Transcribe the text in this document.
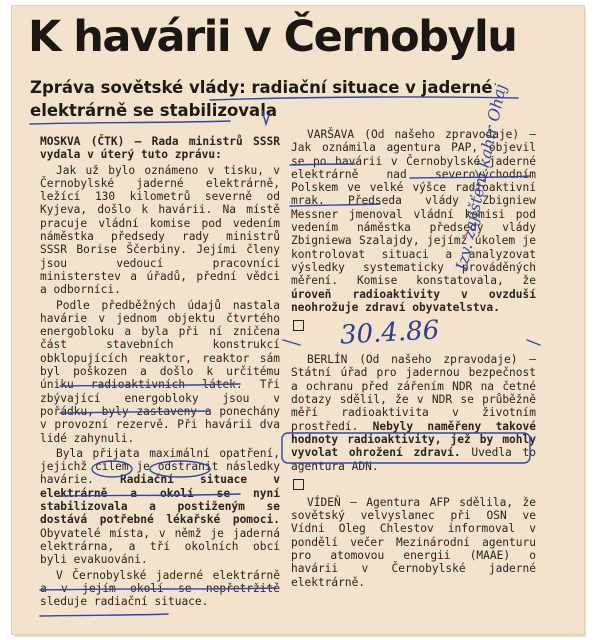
K havárii v Černobylu
Zpráva sovětské vlády: radiační situace v jaderné elektrárně se stabilizovala

MOSKVA (ČTK) — Rada ministrů SSSR vydala v úterý tuto zprávu:

Jak už bylo oznámeno v tisku, v Černobylské jaderné elektrárně, ležící 130 kilometrů severně od Kyjeva, došlo k havárii. Na místě pracuje vládní komise pod vedením náměstka předsedy rady ministrů SSSR Borise Ščerbiny. Jejími členy jsou vedoucí pracovníci ministerstev a úřadů, přední vědci a odborníci.

Podle předběžných údajů nastala havárie v jednom objektu čtvrtého energobloku a byla při ní zničena část stavebních konstrukcí obklopujících reaktor, reaktor sám byl poškozen a došlo k určitému úniku radioaktivních látek. Tři zbývající energobloky jsou v pořádku, byly zastaveny a ponechány v provozní rezervě. Při havárii dva lidé zahynuli.

Byla přijata maximální opatření, jejichž cílem je odstranit následky havárie. Radiační situace v elektrárně a okolí se nyní stabilizovala a postiženým se dostává potřebné lékařské pomoci. Obyvatelé místa, v němž je jaderná elektrárna, a tří okolních obcí byli evakuováni.

V Černobylské jaderné elektrárně a v jejím okolí se nepřetržitě sleduje radiační situace.

VARŠAVA (Od našeho zpravodaje) — Jak oznámila agentura PAP, objevil se po havárii v Černobylské jaderné elektrárně nad severovýchodním Polskem ve velké výšce radioaktivní mrak. Předseda vlády Zbigniew Messner jmenoval vládní komisi pod vedením náměstka předsedy vlády Zbigniewa Szalajdy, jejímž úkolem je kontrolovat situaci a analyzovat výsledky systematicky prováděných měření. Komise konstatovala, že úroveň radioaktivity v ovzduší neohrožuje zdraví obyvatelstva.

BERLÍN (Od našeho zpravodaje) — Státní úřad pro jadernou bezpečnost a ochranu před zářením NDR na četné dotazy sdělil, že v NDR se průběžně měří radioaktivita v životním prostředí. Nebyly naměřeny takové hodnoty radioaktivity, jež by mohly vyvolat ohrožení zdraví. Uvedla to agentura ADN.

VÍDEŇ — Agentura AFP sdělila, že sovětský velvyslanec při OSN ve Vídni Oleg Chlestov informoval v pondělí večer Mezinárodní agenturu pro atomovou energii (MAAE) o havárii v Černobylské jaderné elektrárně.

30.4.86
Izv. zajišťění kahir Ohaj
